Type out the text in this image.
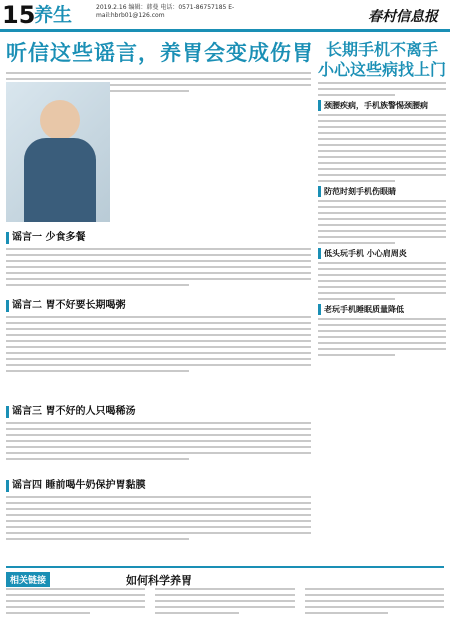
15
养生	2019.2.16 编辑：韩曼 电话：0571-86757185 E-mail:hbrb01@126.com	春村信息报
听信这些谣言，养胃会变成伤胃
谣言一 少食多餐
谣言二 胃不好要长期喝粥
谣言三 胃不好的人只喝稀汤
谣言四 睡前喝牛奶保护胃黏膜
长期手机不离手 小心这些病找上门
颈腰疾病，手机族警惕颈腰病
防范时刻手机伤眼睛
低头玩手机 小心肩周炎
老玩手机睡眠质量降低
相关链接	如何科学养胃
